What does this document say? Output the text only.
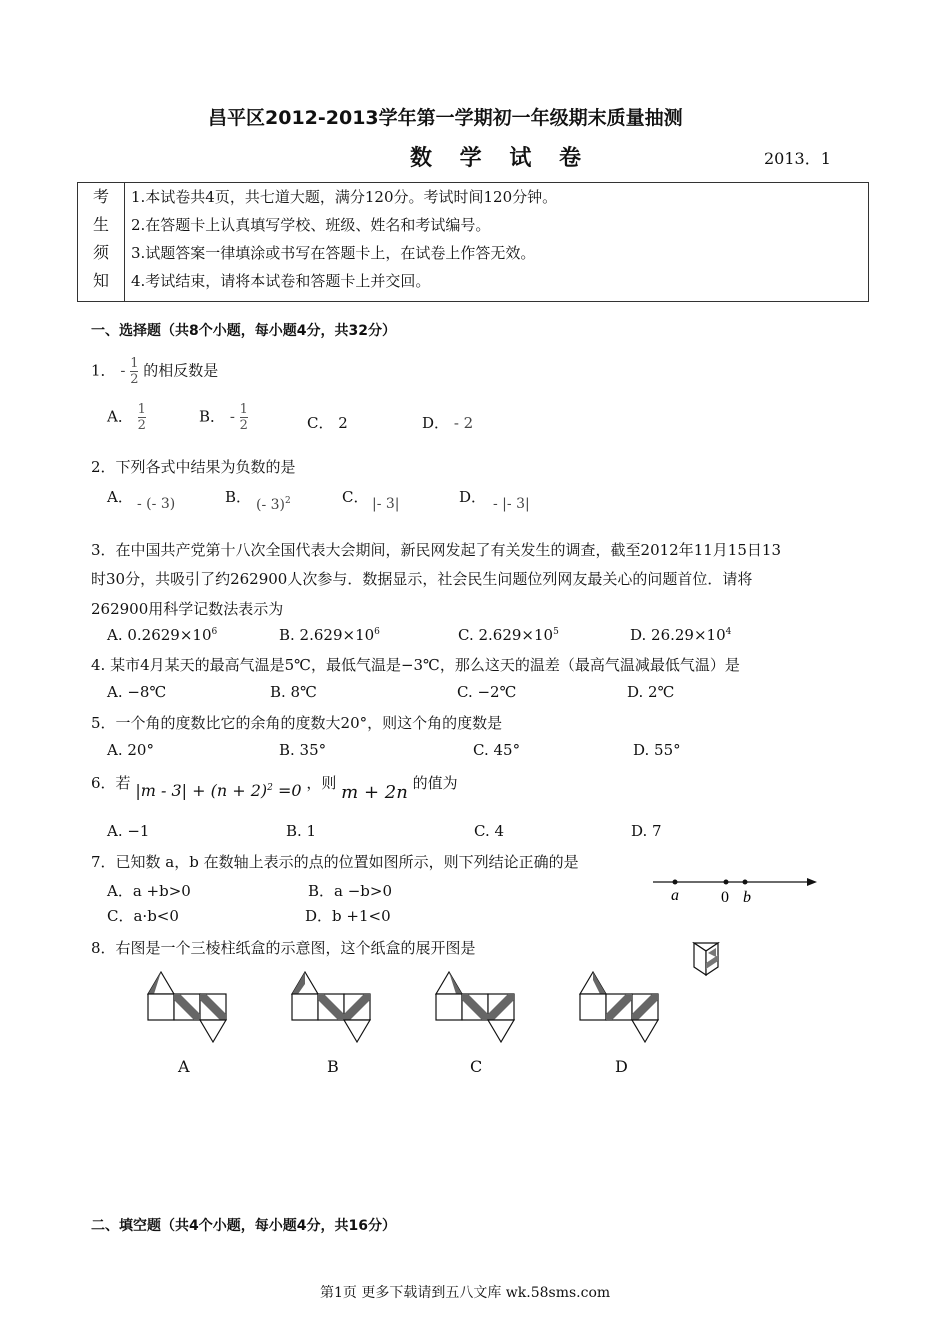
昌平区2012-2013学年第一学期初一年级期末质量抽测
数 学 试 卷	2013．1
考
生
须
知

1.本试卷共4页，共七道大题，满分120分。考试时间120分钟。
2.在答题卡上认真填写学校、班级、姓名和考试编号。
3.试题答案一律填涂或书写在答题卡上，在试卷上作答无效。
4.考试结束，请将本试卷和答题卡上并交回。
一、选择题（共8个小题，每小题4分，共32分）
1． - $\frac{1}{2}$ 的相反数是
A． $\frac{1}{2}$	B． - $\frac{1}{2}$	C． 2	D． - 2
2．下列各式中结果为负数的是
A． - (- 3)	B． (- 3)$^2$	C． |- 3|	D． - |- 3|
3．在中国共产党第十八次全国代表大会期间，新民网发起了有关发生的调查，截至2012年11月15日13
时30分，共吸引了约262900人次参与．数据显示，社会民生问题位列网友最关心的问题首位．请将
262900用科学记数法表示为
A. $0.2629\times 10^6$	B. $2.629\times 10^6$	C. $2.629\times 10^5$	D. $26.29\times 10^4$
4. 某市4月某天的最高气温是5℃，最低气温是−3℃，那么这天的温差（最高气温减最低气温）是
A. −8℃	B. 8℃	C. −2℃	D. 2℃
5．一个角的度数比它的余角的度数大20°，则这个角的度数是
A. 20°	B. 35°	C. 45°	D. 55°
6．若 $|m - 3| + (n + 2)^2 =0$ ，则 m + 2n 的值为
A. −1	B. 1	C. 4	D. 7
7．已知数 a，b 在数轴上表示的点的位置如图所示，则下列结论正确的是
A．a +b>0	B．a −b>0
C．a·b<0	D．b +1<0
a	0 b
8．右图是一个三棱柱纸盒的示意图，这个纸盒的展开图是
A	B	C	D
二、填空题（共4个小题，每小题4分，共16分）
第1页 更多下载请到五八文库 wk.58sms.com
